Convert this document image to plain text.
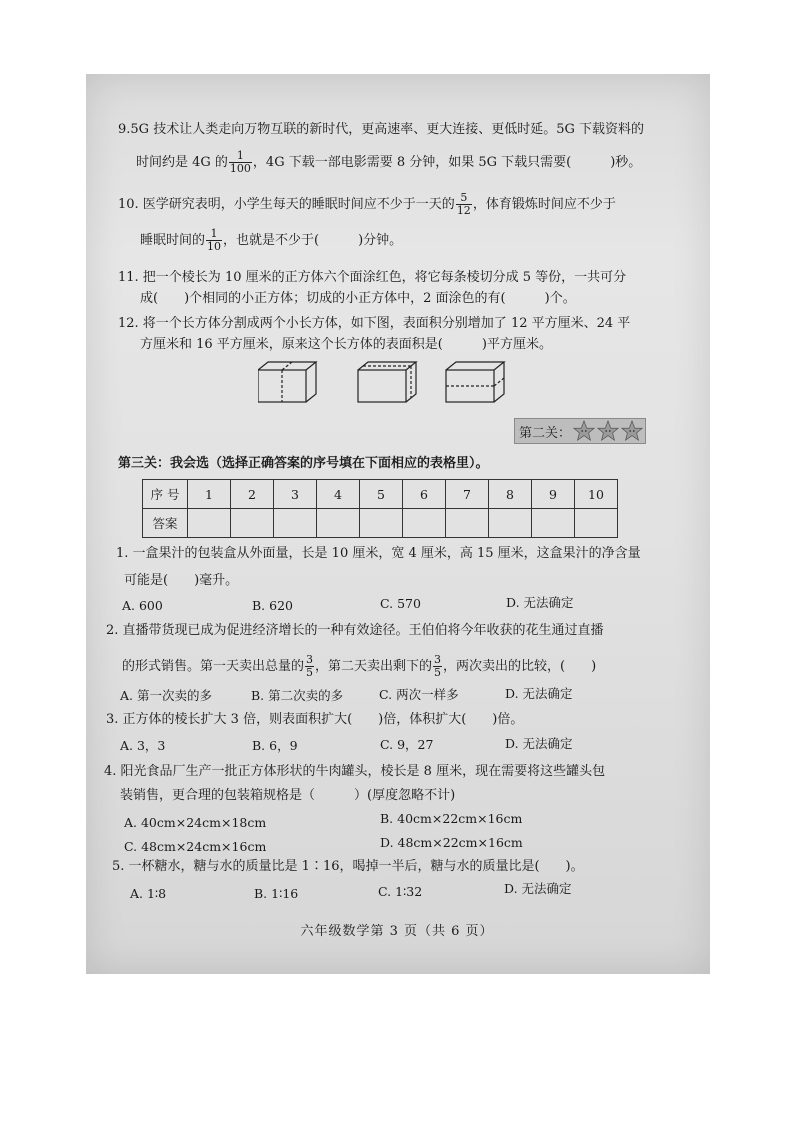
9.5G 技术让人类走向万物互联的新时代，更高速率、更大连接、更低时延。5G 下载资料的
时间约是 4G 的 $\frac{1}{100}$ ，4G 下载一部电影需要 8 分钟，如果 5G 下载只需要(　　　)秒。
10. 医学研究表明，小学生每天的睡眠时间应不少于一天的 $\frac{5}{12}$ ，体育锻炼时间应不少于
睡眠时间的 $\frac{1}{10}$ ，也就是不少于(　　　)分钟。
11. 把一个棱长为 10 厘米的正方体六个面涂红色，将它每条棱切分成 5 等份，一共可分
成(　　)个相同的小正方体；切成的小正方体中，2 面涂色的有(　　　)个。
12. 将一个长方体分割成两个小长方体，如下图，表面积分别增加了 12 平方厘米、24 平
方厘米和 16 平方厘米，原来这个长方体的表面积是(　　　)平方厘米。
第二关：
第三关：我会选（选择正确答案的序号填在下面相应的表格里）。
序 号	1	2	3	4	5	6	7	8	9	10
答案										
1. 一盒果汁的包装盒从外面量，长是 10 厘米，宽 4 厘米，高 15 厘米，这盒果汁的净含量
可能是(　　)毫升。
A. 600	B. 620	C. 570	D. 无法确定
2. 直播带货现已成为促进经济增长的一种有效途径。王伯伯将今年收获的花生通过直播
的形式销售。第一天卖出总量的 $\frac{3}{5}$ ，第二天卖出剩下的 $\frac{3}{5}$ ，两次卖出的比较，(　　)
A. 第一次卖的多	B. 第二次卖的多	C. 两次一样多	D. 无法确定
3. 正方体的棱长扩大 3 倍，则表面积扩大(　　)倍，体积扩大(　　)倍。
A. 3，3	B. 6，9	C. 9，27	D. 无法确定
4. 阳光食品厂生产一批正方体形状的牛肉罐头，棱长是 8 厘米，现在需要将这些罐头包
装销售，更合理的包装箱规格是（　　　）(厚度忽略不计)
A. 40cm×24cm×18cm	B. 40cm×22cm×16cm
C. 48cm×24cm×16cm	D. 48cm×22cm×16cm
5. 一杯糖水，糖与水的质量比是 1∶16，喝掉一半后，糖与水的质量比是(　　)。
A. 1∶8	B. 1∶16	C. 1∶32	D. 无法确定
六年级数学第 3 页（共 6 页）
